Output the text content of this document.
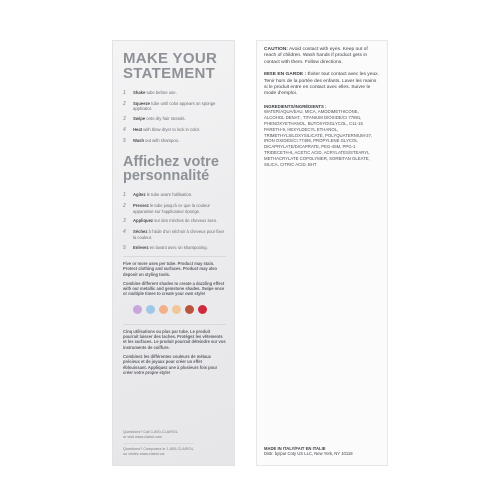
MAKE YOUR STATEMENT
1	Shake tube before use.
2	Squeeze tube until color appears on sponge applicator.
3	Swipe onto dry hair strands.
4	Heat with blow dryer to lock in color.
5	Wash out with shampoo.
Affichez votre personnalité
1	Agitez le tube avant l'utilisation.
2	Pressez le tube jusqu'à ce que la couleur apparaisse sur l'applicateur éponge.
3	Appliquez sur des mèches de cheveux secs.
4	Séchez à l'aide d'un séchoir à cheveux pour fixer la couleur.
5	Enlevez en lavant avec un shampooing.

Five or more uses per tube. Product may stain. Protect clothing and surfaces. Product may also deposit on styling tools.

Combine different shades to create a dazzling effect with our metallic and gemstone shades. Swipe once or multiple times to create your own style!

Cinq utilisations ou plus par tube. Le produit pourrait laisser des taches. Protégez les vêtements et les surfaces. Le produit pourrait déteindre sur vos instruments de coiffure.

Combinez les différentes couleurs de métaux précieux et de joyaux pour créer un effet éblouissant. Appliquez une à plusieurs fois pour créer votre propre style!

Questions? Call 1-800-CLAIROL
or visit www.clairol.com
Questions? Composez le 1-800-CLAIROL
ou visitez www.clairol.ca.
CAUTION: Avoid contact with eyes. Keep out of reach of children. Wash hands if product gets in contact with them. Follow directions.
MISE EN GARDE : Éviter tout contact avec les yeux. Tenir hors de la portée des enfants. Laver les mains si le produit entre en contact avec elles. Suivre le mode d'emploi.
INGREDIENTS/INGRÉDIENTS :
WATER/AQUA/EAU, MICA, AMODIMETHICONE, ALCOHOL DENAT., TITANIUM DIOXIDE/CI 77891, PHENOXYETHANOL, BUTOXYDIGLYCOL, C11-15 PARETH-9, HEXYLDECYL ETHANOL, TRIMETHYLSILOXYSILICATE, POLYQUATERNIUM-37, IRON OXIDES/CI 77499, PROPYLENE GLYCOL DICAPRYLATE/DICAPRATE, PEG-45M, PPG-1 TRIDECETH-6, ACETIC ACID, ACRYLATES/STEARYL METHACRYLATE COPOLYMER, SORBITAN OLEATE, SILICA, CITRIC ACID, BHT
MADE IN ITALY/FAIT EN ITALIE
Distr. by/par Coty US LLC, New York, NY 10118
